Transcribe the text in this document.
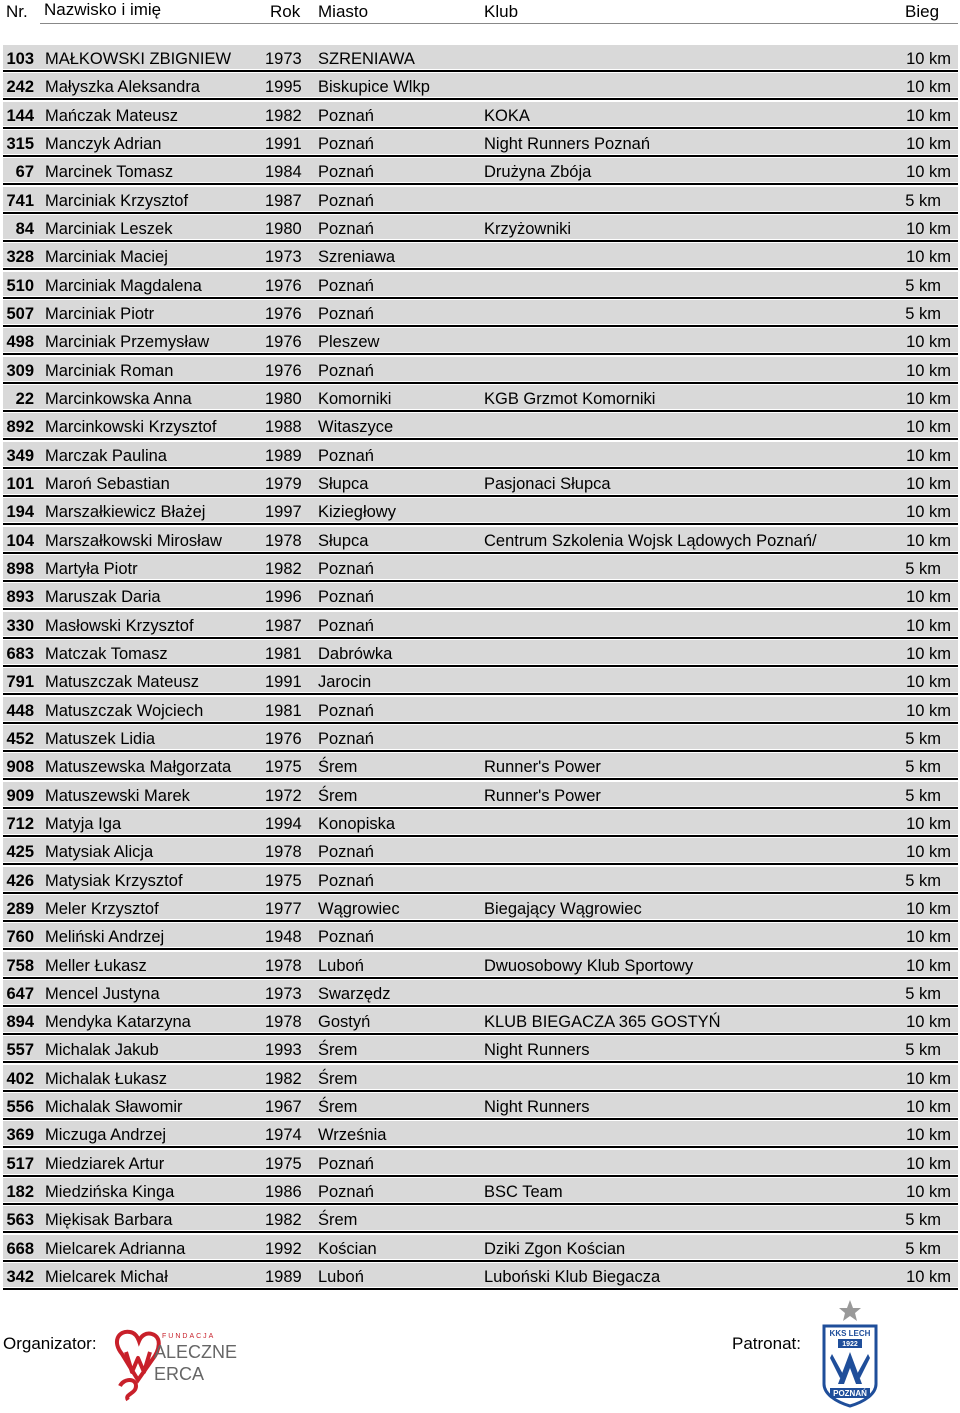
Nr. Nazwisko i imię	Rok Miasto	Klub	Bieg
103 MAŁKOWSKI ZBIGNIEW 1973 SZRENIAWA	10 km
242 Małyszka Aleksandra	1995 Biskupice Wlkp	10 km
144 Mańczak Mateusz	1982 Poznań	KOKA	10 km
315 Manczyk Adrian	1991 Poznań	Night Runners Poznań	10 km
67 Marcinek Tomasz	1984 Poznań	Drużyna Zbója	10 km
741 Marciniak Krzysztof	1987 Poznań	5 km
84 Marciniak Leszek	1980 Poznań	Krzyżowniki	10 km
328 Marciniak Maciej	1973 Szreniawa	10 km
510 Marciniak Magdalena	1976 Poznań	5 km
507 Marciniak Piotr	1976 Poznań	5 km
498 Marciniak Przemysław	1976 Pleszew	10 km
309 Marciniak Roman	1976 Poznań	10 km
22 Marcinkowska Anna	1980 Komorniki	KGB Grzmot Komorniki	10 km
892 Marcinkowski Krzysztof	1988 Witaszyce	10 km
349 Marczak Paulina	1989 Poznań	10 km
101 Maroń Sebastian	1979 Słupca	Pasjonaci Słupca	10 km
194 Marszałkiewicz Błażej	1997 Kiziegłowy	10 km
104 Marszałkowski Mirosław	1978 Słupca	Centrum Szkolenia Wojsk Lądowych Poznań/	10 km
898 Martyła Piotr	1982 Poznań	5 km
893 Maruszak Daria	1996 Poznań	10 km
330 Masłowski Krzysztof	1987 Poznań	10 km
683 Matczak Tomasz	1981 Dabrówka	10 km
791 Matuszczak Mateusz	1991 Jarocin	10 km
448 Matuszczak Wojciech	1981 Poznań	10 km
452 Matuszek Lidia	1976 Poznań	5 km
908 Matuszewska Małgorzata 1975 Śrem	Runner's Power	5 km
909 Matuszewski Marek	1972 Śrem	Runner's Power	5 km
712 Matyja Iga	1994 Konopiska	10 km
425 Matysiak Alicja	1978 Poznań	10 km
426 Matysiak Krzysztof	1975 Poznań	5 km
289 Meler Krzysztof	1977 Wągrowiec	Biegający Wągrowiec	10 km
760 Meliński Andrzej	1948 Poznań	10 km
758 Meller Łukasz	1978 Luboń	Dwuosobowy Klub Sportowy	10 km
647 Mencel Justyna	1973 Swarzędz	5 km
894 Mendyka Katarzyna	1978 Gostyń	KLUB BIEGACZA 365 GOSTYŃ	10 km
557 Michalak Jakub	1993 Śrem	Night Runners	5 km
402 Michalak Łukasz	1982 Śrem	10 km
556 Michalak Sławomir	1967 Śrem	Night Runners	10 km
369 Miczuga Andrzej	1974 Września	10 km
517 Miedziarek Artur	1975 Poznań	10 km
182 Miedzińska Kinga	1986 Poznań	BSC Team	10 km
563 Miękisak Barbara	1982 Śrem	5 km
668 Mielcarek Adrianna	1992 Kościan	Dziki Zgon Kościan	5 km
342 Mielcarek Michał	1989 Luboń	Luboński Klub Biegacza	10 km
Organizator:	Patronat:
FUNDACJA
ALECZNE
ERCA
KKS LECH
1922
POZNAŃ
